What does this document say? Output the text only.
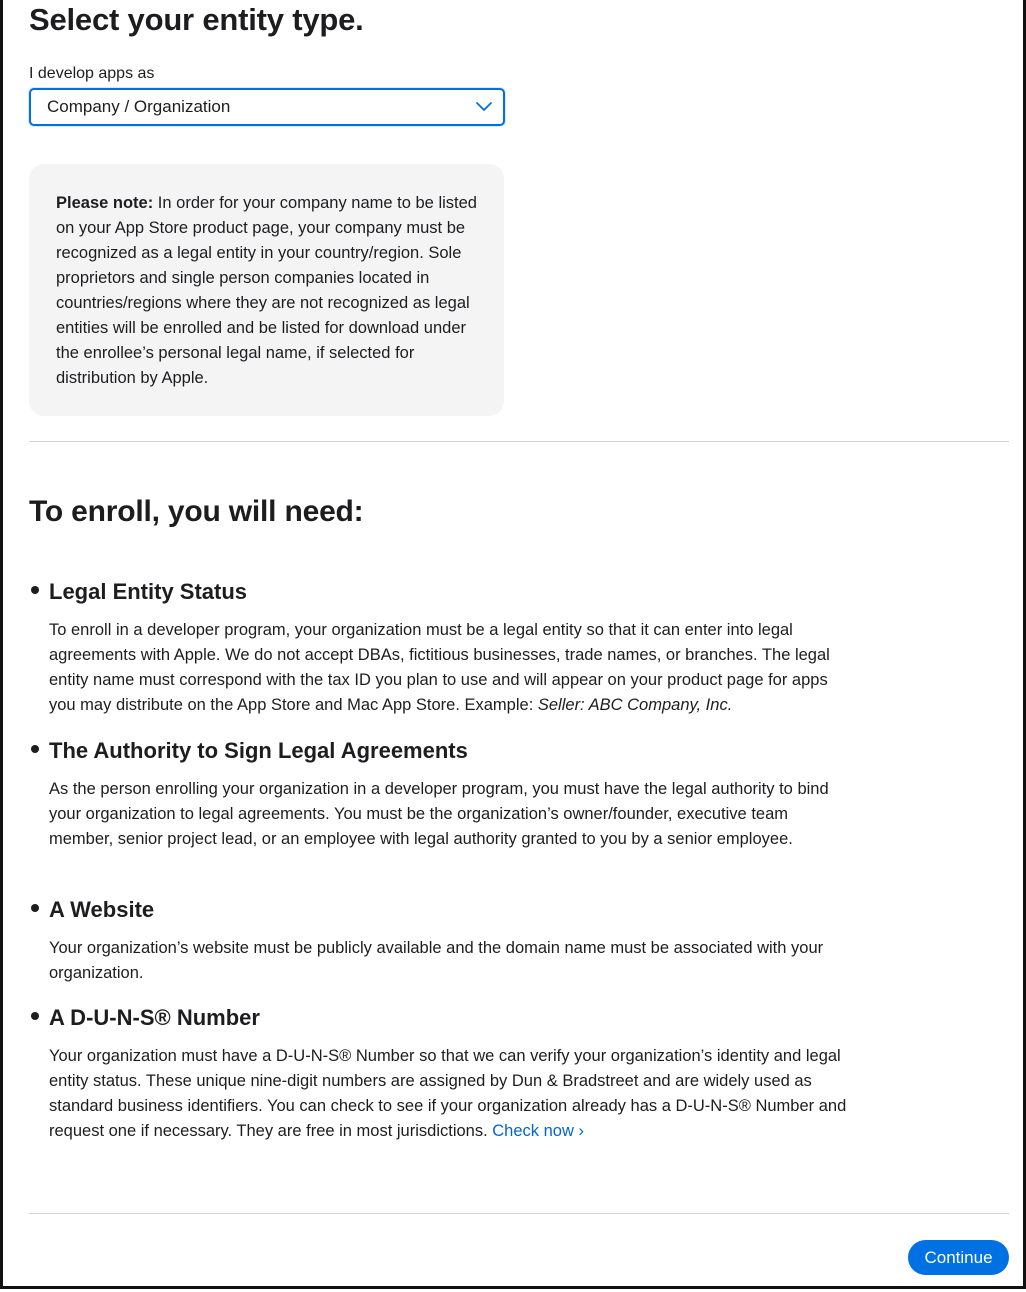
Select your entity type.
I develop apps as
Company / Organization

Please note: In order for your company name to be listed on your App Store product page, your company must be recognized as a legal entity in your country/region. Sole proprietors and single person companies located in countries/regions where they are not recognized as legal entities will be enrolled and be listed for download under the enrollee’s personal legal name, if selected for distribution by Apple.

To enroll, you will need:
Legal Entity Status

To enroll in a developer program, your organization must be a legal entity so that it can enter into legal agreements with Apple. We do not accept DBAs, fictitious businesses, trade names, or branches. The legal entity name must correspond with the tax ID you plan to use and will appear on your product page for apps you may distribute on the App Store and Mac App Store. Example: Seller: ABC Company, Inc.

The Authority to Sign Legal Agreements

As the person enrolling your organization in a developer program, you must have the legal authority to bind your organization to legal agreements. You must be the organization’s owner/founder, executive team member, senior project lead, or an employee with legal authority granted to you by a senior employee.

A Website

Your organization’s website must be publicly available and the domain name must be associated with your organization.

A D-U-N-S® Number

Your organization must have a D-U-N-S® Number so that we can verify your organization’s identity and legal entity status. These unique nine-digit numbers are assigned by Dun & Bradstreet and are widely used as standard business identifiers. You can check to see if your organization already has a D-U-N-S® Number and request one if necessary. They are free in most jurisdictions. Check now ›

Continue
